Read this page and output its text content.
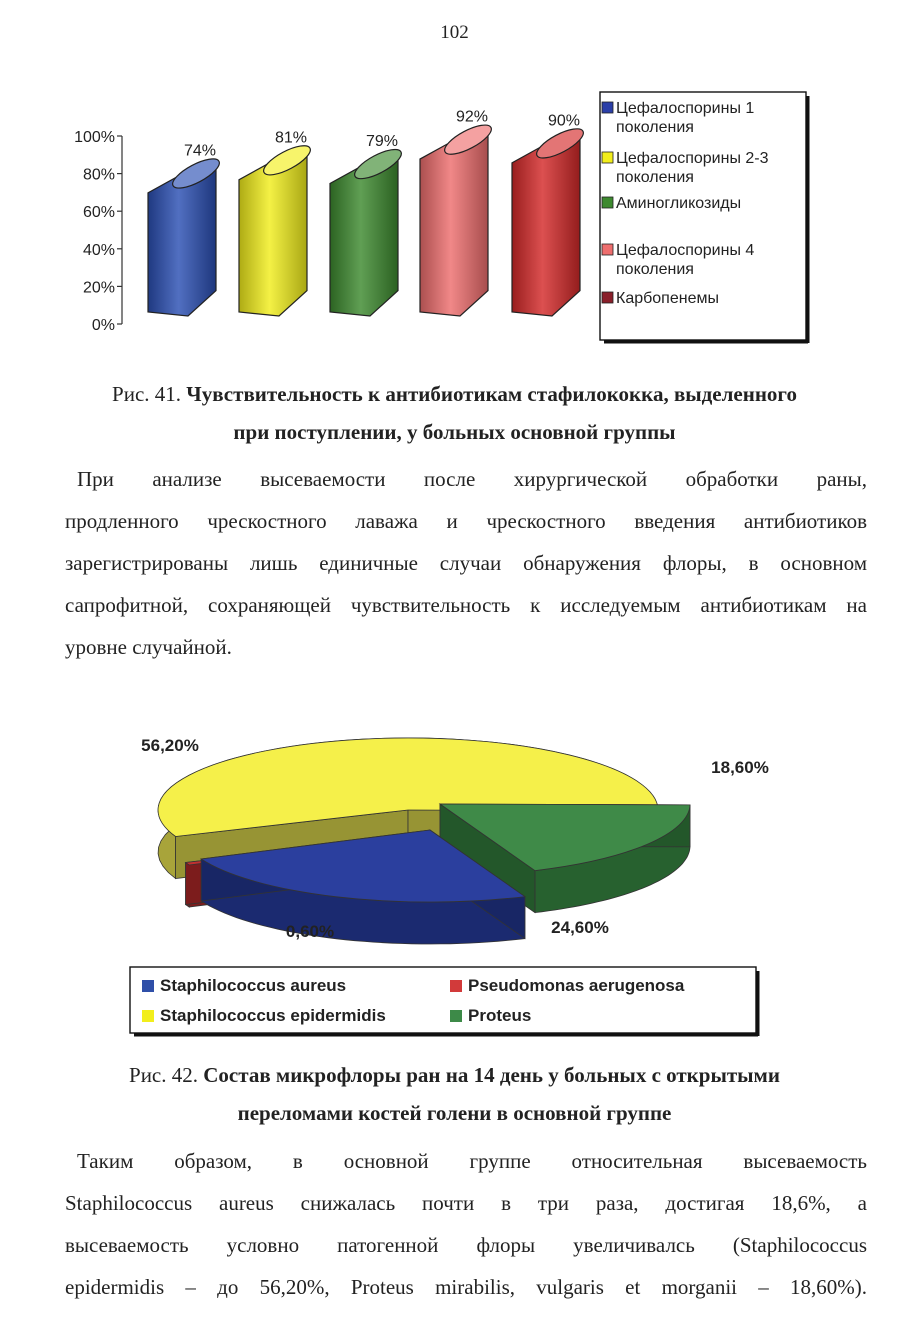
102
0%
20%
40%
60%
80%
100%
74%
81%	79%
92%	90%
Цефалоспорины 1
поколения
Цефалоспорины 2-3
поколения
Аминогликозиды
Цефалоспорины 4
поколения
Карбопенемы
Рис. 41. Чувствительность к антибиотикам стафилококка, выделенного
при поступлении, у больных основной группы
При анализе высеваемости после хирургической обработки раны,
продленного чрескостного лаважа и чрескостного введения антибиотиков
зарегистрированы лишь единичные случаи обнаружения флоры, в основном
сапрофитной, сохраняющей чувствительность к исследуемым антибиотикам на
уровне случайной.
56,20%
18,60%
24,60%
0,60%
Staphilococcus aureus	Pseudomonas aerugenosa
Staphilococcus epidermidis	Proteus
Рис. 42. Состав микрофлоры ран на 14 день у больных с открытыми
переломами костей голени в основной группе
Таким образом, в основной группе относительная высеваемость
Staphilococcus aureus снижалась почти в три раза, достигая 18,6%, а
высеваемость условно патогенной флоры увеличивалсь (Staphilococcus
epidermidis – до 56,20%, Proteus mirabilis, vulgaris et morganii – 18,60%).
